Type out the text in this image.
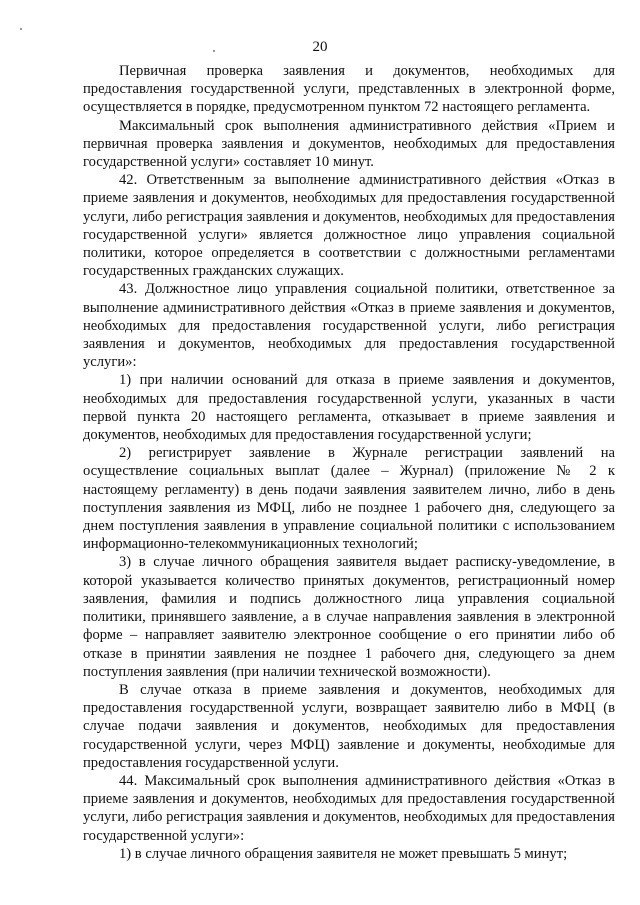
20

Первичная проверка заявления и документов, необходимых для предоставления государственной услуги, представленных в электронной форме, осуществляется в порядке, предусмотренном пунктом 72 настоящего регламента.

Максимальный срок выполнения административного действия «Прием и первичная проверка заявления и документов, необходимых для предоставления государственной услуги» составляет 10 минут.

42. Ответственным за выполнение административного действия «Отказ в приеме заявления и документов, необходимых для предоставления государственной услуги, либо регистрация заявления и документов, необходимых для предоставления государственной услуги» является должностное лицо управления социальной политики, которое определяется в соответствии с должностными регламентами государственных гражданских служащих.

43. Должностное лицо управления социальной политики, ответственное за выполнение административного действия «Отказ в приеме заявления и документов, необходимых для предоставления государственной услуги, либо регистрация заявления и документов, необходимых для предоставления государственной услуги»:

1) при наличии оснований для отказа в приеме заявления и документов, необходимых для предоставления государственной услуги, указанных в части первой пункта 20 настоящего регламента, отказывает в приеме заявления и документов, необходимых для предоставления государственной услуги;

2) регистрирует заявление в Журнале регистрации заявлений на осуществление социальных выплат (далее – Журнал) (приложение № 2 к настоящему регламенту) в день подачи заявления заявителем лично, либо в день поступления заявления из МФЦ, либо не позднее 1 рабочего дня, следующего за днем поступления заявления в управление социальной политики с использованием информационно-телекоммуникационных технологий;

3) в случае личного обращения заявителя выдает расписку-уведомление, в которой указывается количество принятых документов, регистрационный номер заявления, фамилия и подпись должностного лица управления социальной политики, принявшего заявление, а в случае направления заявления в электронной форме – направляет заявителю электронное сообщение о его принятии либо об отказе в принятии заявления не позднее 1 рабочего дня, следующего за днем поступления заявления (при наличии технической возможности).

В случае отказа в приеме заявления и документов, необходимых для предоставления государственной услуги, возвращает заявителю либо в МФЦ (в случае подачи заявления и документов, необходимых для предоставления государственной услуги, через МФЦ) заявление и документы, необходимые для предоставления государственной услуги.

44. Максимальный срок выполнения административного действия «Отказ в приеме заявления и документов, необходимых для предоставления государственной услуги, либо регистрация заявления и документов, необходимых для предоставления государственной услуги»:

1) в случае личного обращения заявителя не может превышать 5 минут;
